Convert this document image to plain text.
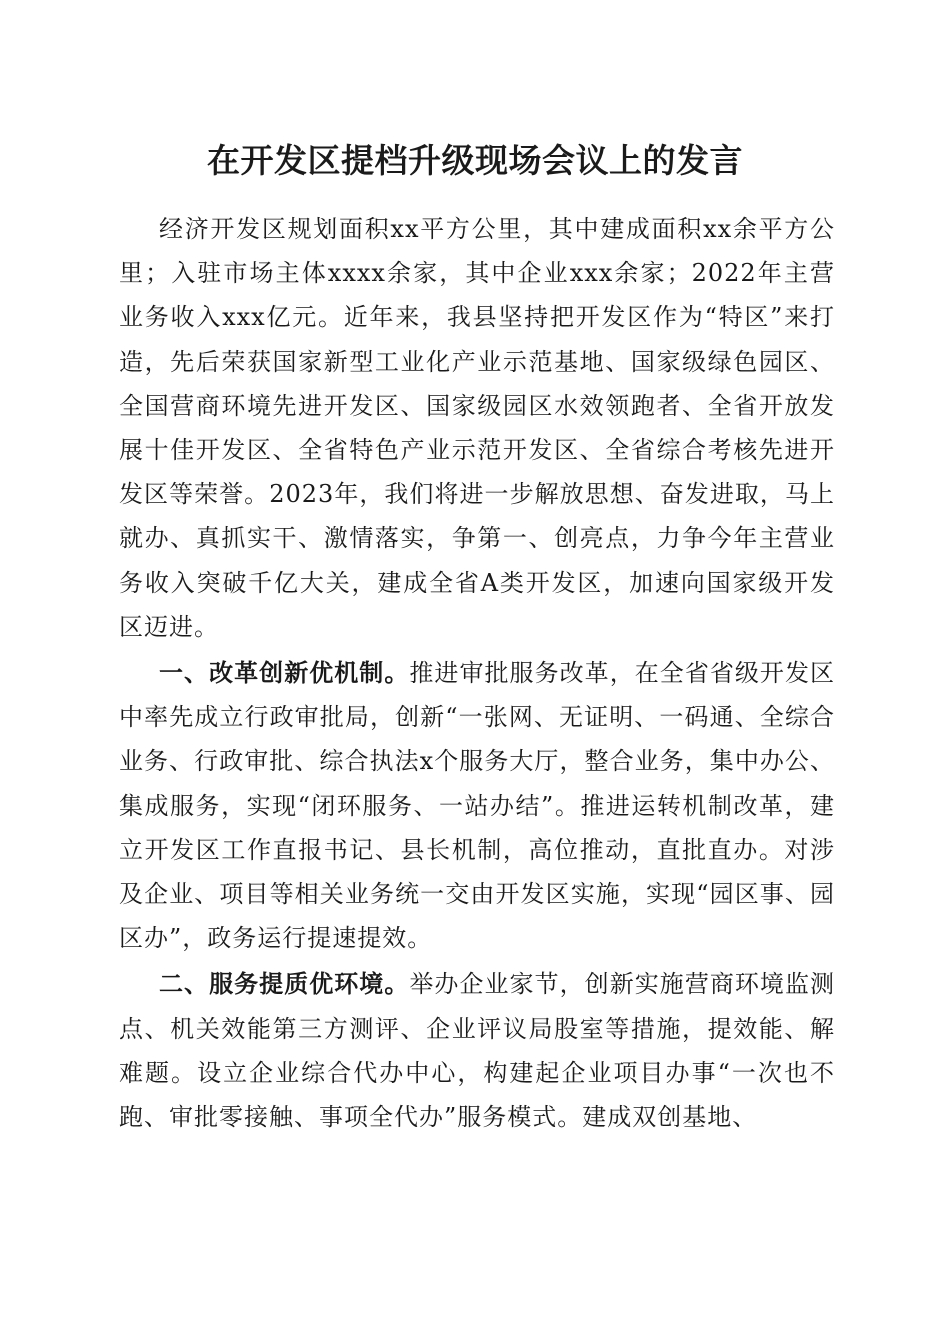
在开发区提档升级现场会议上的发言

经济开发区规划面积xx平方公里，其中建成面积xx余平方公里；入驻市场主体xxxx余家，其中企业xxx余家；2022年主营业务收入xxx亿元。近年来，我县坚持把开发区作为“特区”来打造，先后荣获国家新型工业化产业示范基地、国家级绿色园区、全国营商环境先进开发区、国家级园区水效领跑者、全省开放发展十佳开发区、全省特色产业示范开发区、全省综合考核先进开发区等荣誉。2023年，我们将进一步解放思想、奋发进取，马上就办、真抓实干、激情落实，争第一、创亮点，力争今年主营业务收入突破千亿大关，建成全省A类开发区，加速向国家级开发区迈进。

一、改革创新优机制。推进审批服务改革，在全省省级开发区中率先成立行政审批局，创新“一张网、无证明、一码通、全综合业务、行政审批、综合执法x个服务大厅，整合业务，集中办公、集成服务，实现“闭环服务、一站办结”。推进运转机制改革，建立开发区工作直报书记、县长机制，高位推动，直批直办。对涉及企业、项目等相关业务统一交由开发区实施，实现“园区事、园区办”，政务运行提速提效。

二、服务提质优环境。举办企业家节，创新实施营商环境监测点、机关效能第三方测评、企业评议局股室等措施，提效能、解难题。设立企业综合代办中心，构建起企业项目办事“一次也不跑、审批零接触、事项全代办”服务模式。建成双创基地、
